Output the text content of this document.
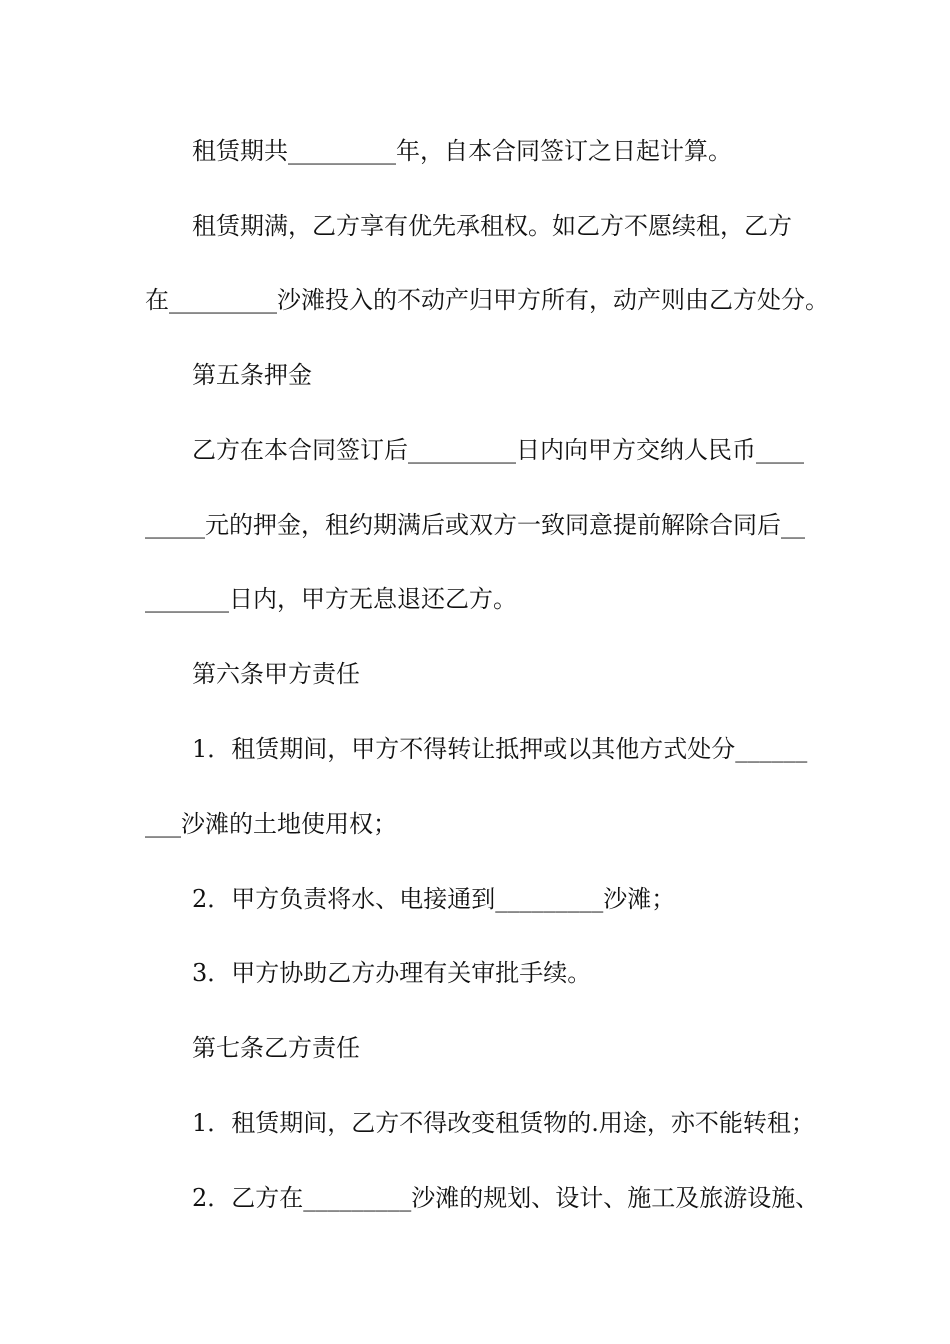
租赁期共_________年，自本合同签订之日起计算。
租赁期满，乙方享有优先承租权。如乙方不愿续租，乙方
在_________沙滩投入的不动产归甲方所有，动产则由乙方处分。
第五条押金
乙方在本合同签订后_________日内向甲方交纳人民币____
_____元的押金，租约期满后或双方一致同意提前解除合同后__
_______日内，甲方无息退还乙方。
第六条甲方责任
1．租赁期间，甲方不得转让抵押或以其他方式处分______
___沙滩的土地使用权；
2．甲方负责将水、电接通到_________沙滩；
3．甲方协助乙方办理有关审批手续。
第七条乙方责任
1．租赁期间，乙方不得改变租赁物的.用途，亦不能转租；
2．乙方在_________沙滩的规划、设计、施工及旅游设施、
